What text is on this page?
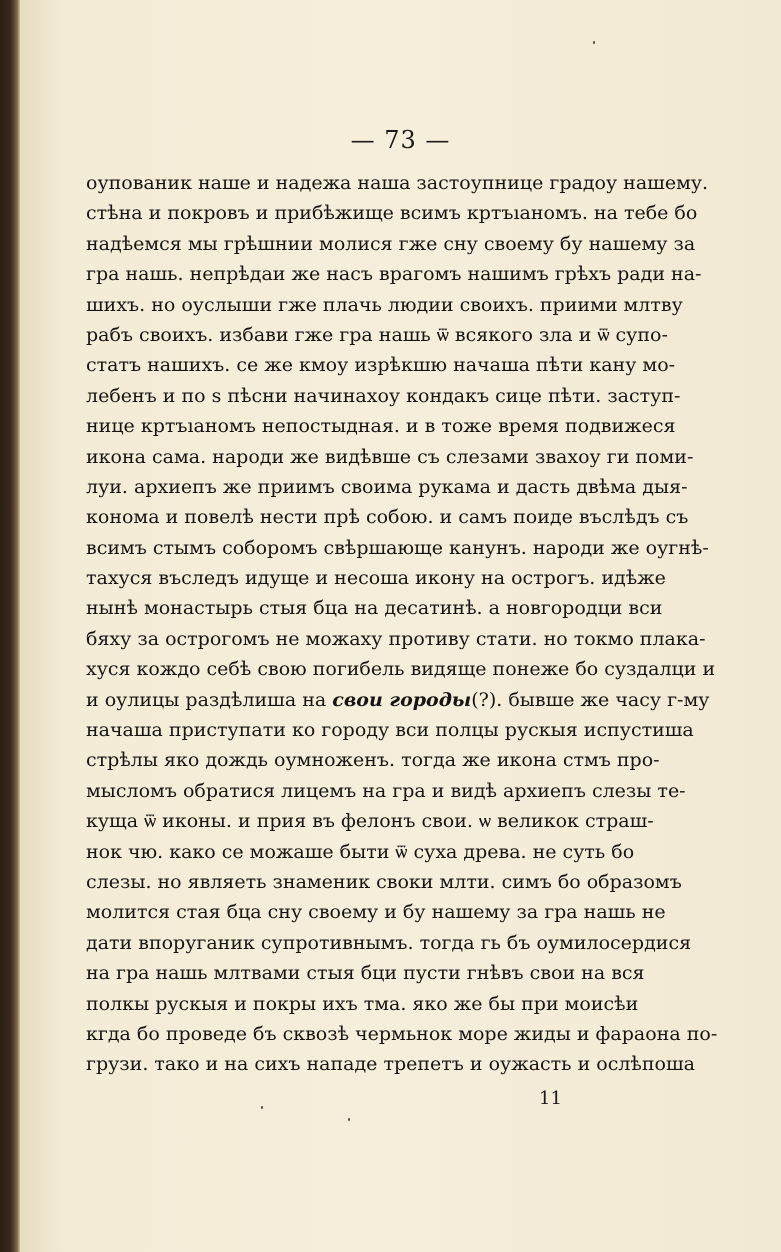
— 73 —
оупованик наше и надежа наша застоупнице градоу нашему.
стѣна и покровъ и прибѣжище всимъ кртъıаномъ. на тебе бо
надѣемся мы грѣшнии молися гже сну своему бу нашему за
гра нашь. непрѣдаи же насъ врагомъ нашимъ грѣхъ ради на-
шихъ. но оуслыши гже плачь людии своихъ. приими млтву
рабъ своихъ. избави гже гра нашь ѿ всякого зла и ѿ супо-
статъ нашихъ. се же кмоу изрѣкшю начаша пѣти кану мо-
лебенъ и по ѕ пѣсни начинахоу кондакъ сице пѣти. заступ-
нице кртъıаномъ непостыдная. и в тоже время подвижеся
икона сама. народи же видѣвше съ слезами звахоу ги поми-
луи. архиепъ же приимъ своима рукама и дасть двѣма дыя-
конома и повелѣ нести прѣ собою. и самъ поиде въслѣдъ съ
всимъ стымъ соборомъ свѣршающе канунъ. народи же оугнѣ-
тахуся въследъ идуще и несоша икону на острогъ. идѣже
нынѣ монастырь стыя бца на десатинѣ. а новгородци вси
бяху за острогомъ не можаху противу стати. но токмо плака-
хуся кождо себѣ свою погибель видяще понеже бо суздалци и
и оулицы раздѣлиша на свои городы(?). бывше же часу г-му
начаша приступати ко городу вси полцы рускыя испустиша
стрѣлы яко дождь оумноженъ. тогда же икона стмъ про-
мысломъ обратися лицемъ на гра и видѣ архиепъ слезы те-
куща ѿ иконы. и прия въ фелонъ свои. ѡ великок страш-
нок чю. како се можаше быти ѿ суха древа. не суть бо
слезы. но являеть знаменик своки млти. симъ бо образомъ
молится стая бца сну своему и бу нашему за гра нашь не
дати впоруганик супротивнымъ. тогда гь бъ оумилосердися
на гра нашь млтвами стыя бци пусти гнѣвъ свои на вся
полкы рускыя и покры ихъ тма. яко же бы при моисѣи
кгда бо проведе бъ сквозѣ чермьнок море жиды и фараона по-
грузи. тако и на сихъ нападе трепетъ и оужасть и ослѣпоша
11
